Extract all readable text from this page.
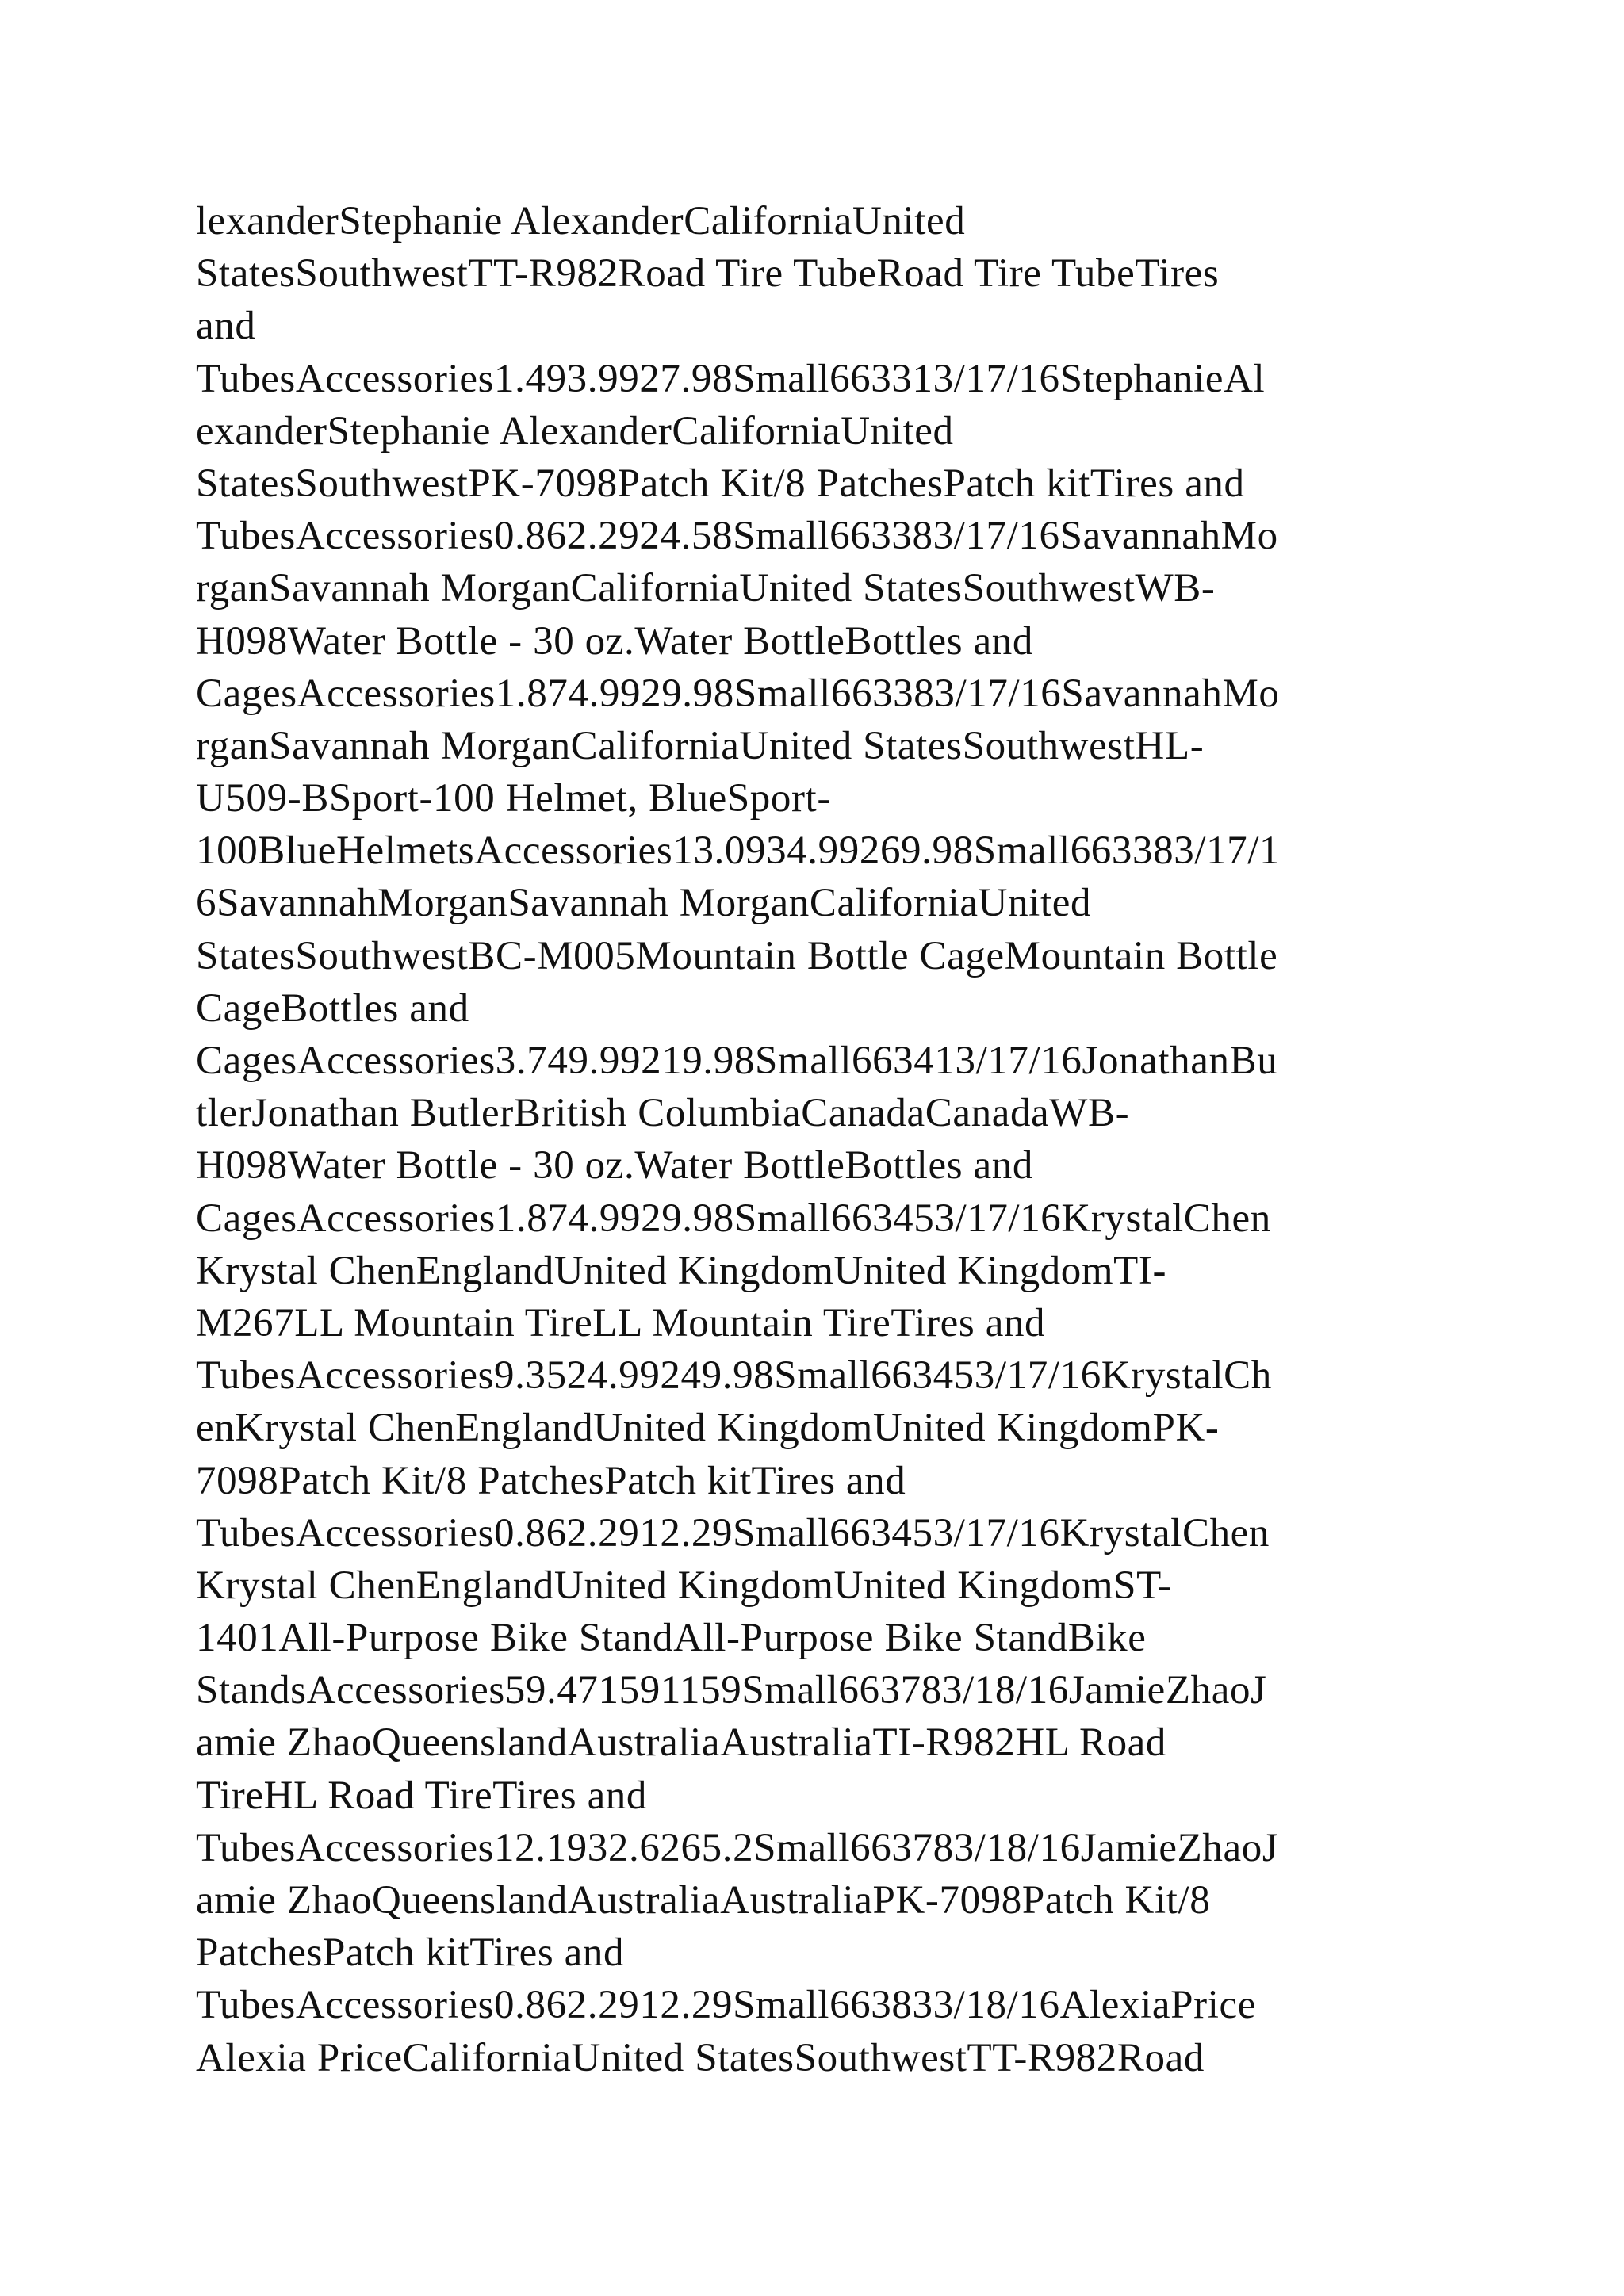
lexanderStephanie AlexanderCaliforniaUnited
StatesSouthwestTT-R982Road Tire TubeRoad Tire TubeTires
and
TubesAccessories1.493.9927.98Small663313/17/16StephanieAl
exanderStephanie AlexanderCaliforniaUnited
StatesSouthwestPK-7098Patch Kit/8 PatchesPatch kitTires and
TubesAccessories0.862.2924.58Small663383/17/16SavannahMo
rganSavannah MorganCaliforniaUnited StatesSouthwestWB-
H098Water Bottle - 30 oz.Water BottleBottles and
CagesAccessories1.874.9929.98Small663383/17/16SavannahMo
rganSavannah MorganCaliforniaUnited StatesSouthwestHL-
U509-BSport-100 Helmet, BlueSport-
100BlueHelmetsAccessories13.0934.99269.98Small663383/17/1
6SavannahMorganSavannah MorganCaliforniaUnited
StatesSouthwestBC-M005Mountain Bottle CageMountain Bottle
CageBottles and
CagesAccessories3.749.99219.98Small663413/17/16JonathanBu
tlerJonathan ButlerBritish ColumbiaCanadaCanadaWB-
H098Water Bottle - 30 oz.Water BottleBottles and
CagesAccessories1.874.9929.98Small663453/17/16KrystalChen
Krystal ChenEnglandUnited KingdomUnited KingdomTI-
M267LL Mountain TireLL Mountain TireTires and
TubesAccessories9.3524.99249.98Small663453/17/16KrystalCh
enKrystal ChenEnglandUnited KingdomUnited KingdomPK-
7098Patch Kit/8 PatchesPatch kitTires and
TubesAccessories0.862.2912.29Small663453/17/16KrystalChen
Krystal ChenEnglandUnited KingdomUnited KingdomST-
1401All-Purpose Bike StandAll-Purpose Bike StandBike
StandsAccessories59.471591159Small663783/18/16JamieZhaoJ
amie ZhaoQueenslandAustraliaAustraliaTI-R982HL Road
TireHL Road TireTires and
TubesAccessories12.1932.6265.2Small663783/18/16JamieZhaoJ
amie ZhaoQueenslandAustraliaAustraliaPK-7098Patch Kit/8
PatchesPatch kitTires and
TubesAccessories0.862.2912.29Small663833/18/16AlexiaPrice
Alexia PriceCaliforniaUnited StatesSouthwestTT-R982Road
